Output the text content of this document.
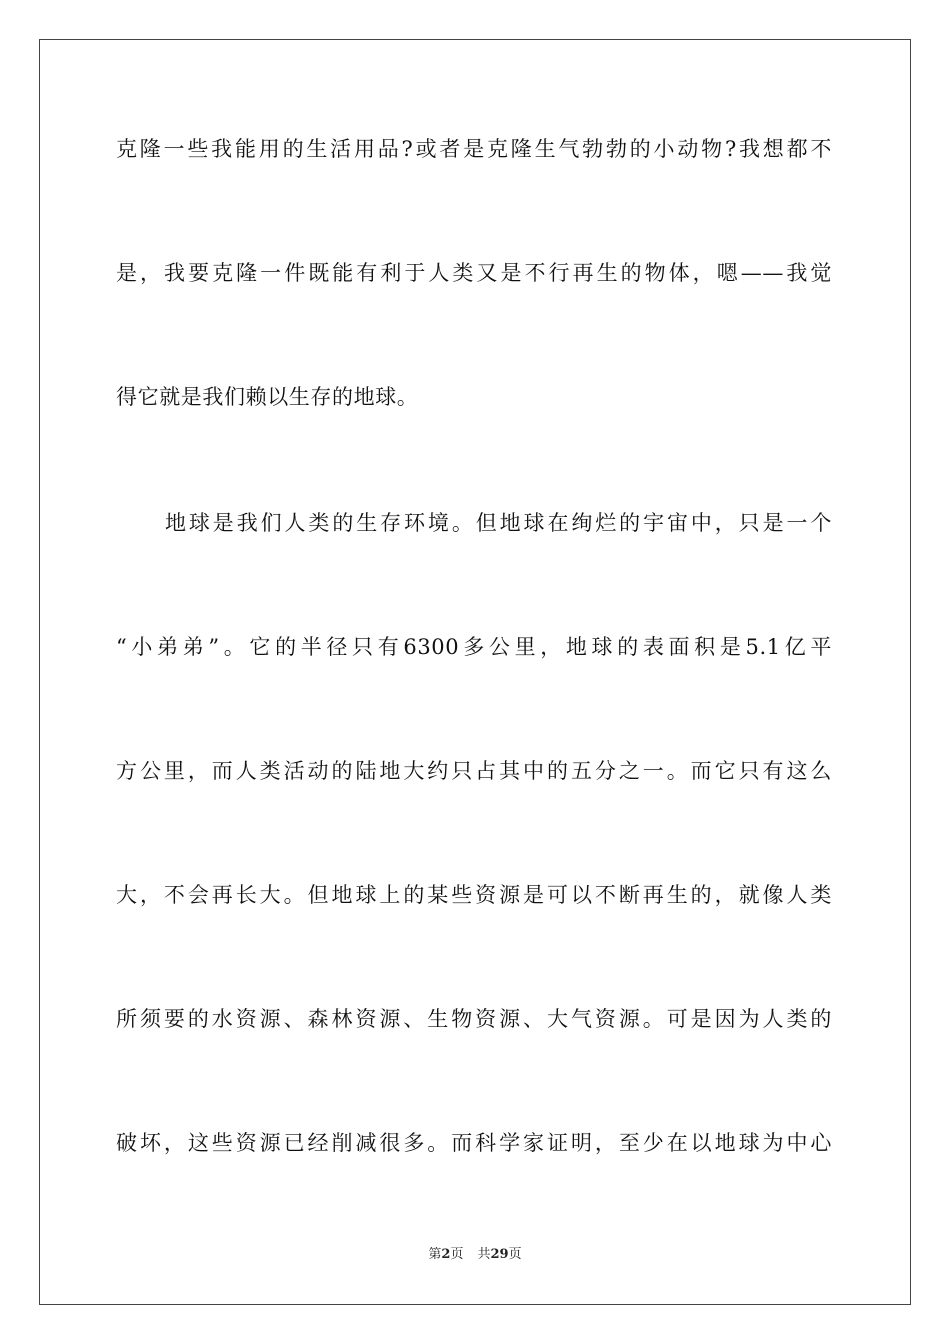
克隆一些我能用的生活用品?或者是克隆生气勃勃的小动物?我想都不
是，我要克隆一件既能有利于人类又是不行再生的物体，嗯——我觉
得它就是我们赖以生存的地球。
地球是我们人类的生存环境。但地球在绚烂的宇宙中，只是一个
“小弟弟”。它的半径只有6300多公里，地球的表面积是5.1亿平
方公里，而人类活动的陆地大约只占其中的五分之一。而它只有这么
大，不会再长大。但地球上的某些资源是可以不断再生的，就像人类
所须要的水资源、森林资源、生物资源、大气资源。可是因为人类的
破坏，这些资源已经削减很多。而科学家证明，至少在以地球为中心
第2页 共29页
